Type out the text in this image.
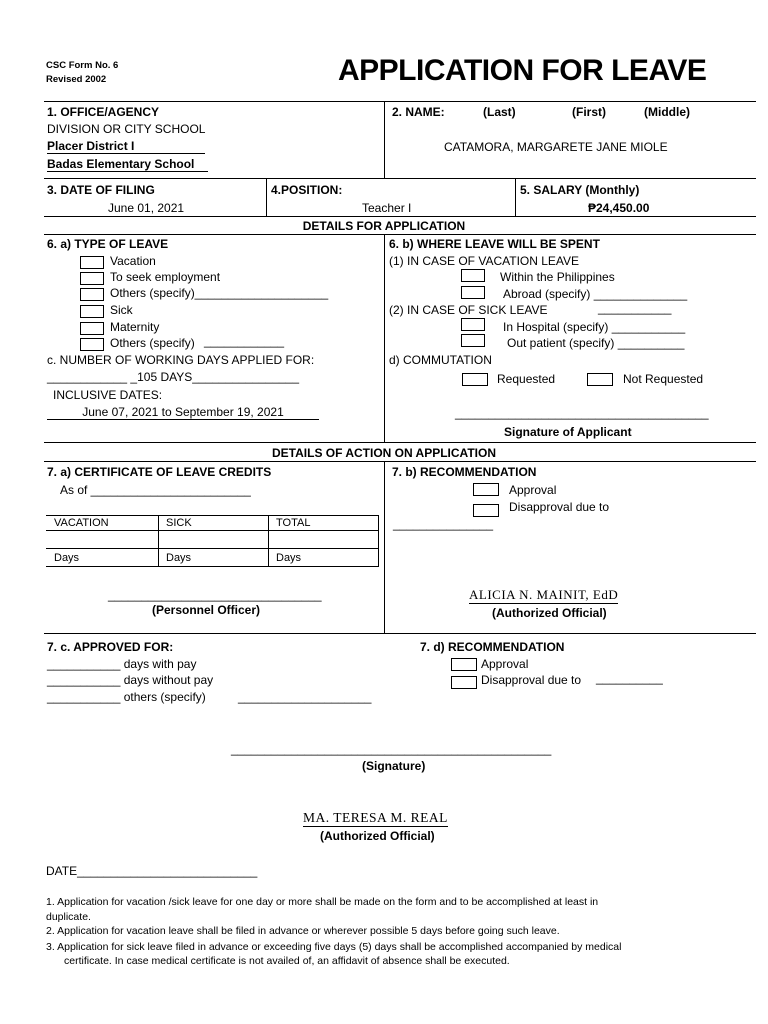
CSC Form No. 6
Revised 2002	APPLICATION FOR LEAVE
1. OFFICE/AGENCY
DIVISION OR CITY SCHOOL
Placer District I
Badas Elementary School
2. NAME:	(Last)	(First)	(Middle)
CATAMORA, MARGARETE JANE MIOLE
3. DATE OF FILING
June 01, 2021
4.POSITION:
Teacher I
5. SALARY (Monthly)
₱24,450.00
DETAILS FOR APPLICATION
6. a) TYPE OF LEAVE
Vacation
To seek employment
Others (specify)____________________
Sick
Maternity
Others (specify) ____________
c. NUMBER OF WORKING DAYS APPLIED FOR:
____________ _105 DAYS________________
INCLUSIVE DATES:
June 07, 2021 to September 19, 2021
6. b) WHERE LEAVE WILL BE SPENT
(1) IN CASE OF VACATION LEAVE
Within the Philippines
Abroad (specify) ______________
(2) IN CASE OF SICK LEAVE	___________
In Hospital (specify) ___________
Out patient (specify) __________
d) COMMUTATION
Requested	Not Requested
______________________________________
Signature of Applicant
DETAILS OF ACTION ON APPLICATION
7. a) CERTIFICATE OF LEAVE CREDITS
As of ________________________
VACATION	SICK	TOTAL
Days	Days	Days
________________________________
(Personnel Officer)
7. b) RECOMMENDATION
Approval
Disapproval due to
_______________
ALICIA N. MAINIT, EdD
(Authorized Official)
7. c. APPROVED FOR:
___________ days with pay
___________ days without pay
___________ others (specify)	____________________
7. d) RECOMMENDATION
Approval
Disapproval due to __________
________________________________________________
(Signature)
MA. TERESA M. REAL
(Authorized Official)
DATE___________________________
1. Application for vacation /sick leave for one day or more shall be made on the form and to be accomplished at least in
duplicate.
2. Application for vacation leave shall be filed in advance or wherever possible 5 days before going such leave.
3. Application for sick leave filed in advance or exceeding five days (5) days shall be accomplished accompanied by medical
certificate. In case medical certificate is not availed of, an affidavit of absence shall be executed.
